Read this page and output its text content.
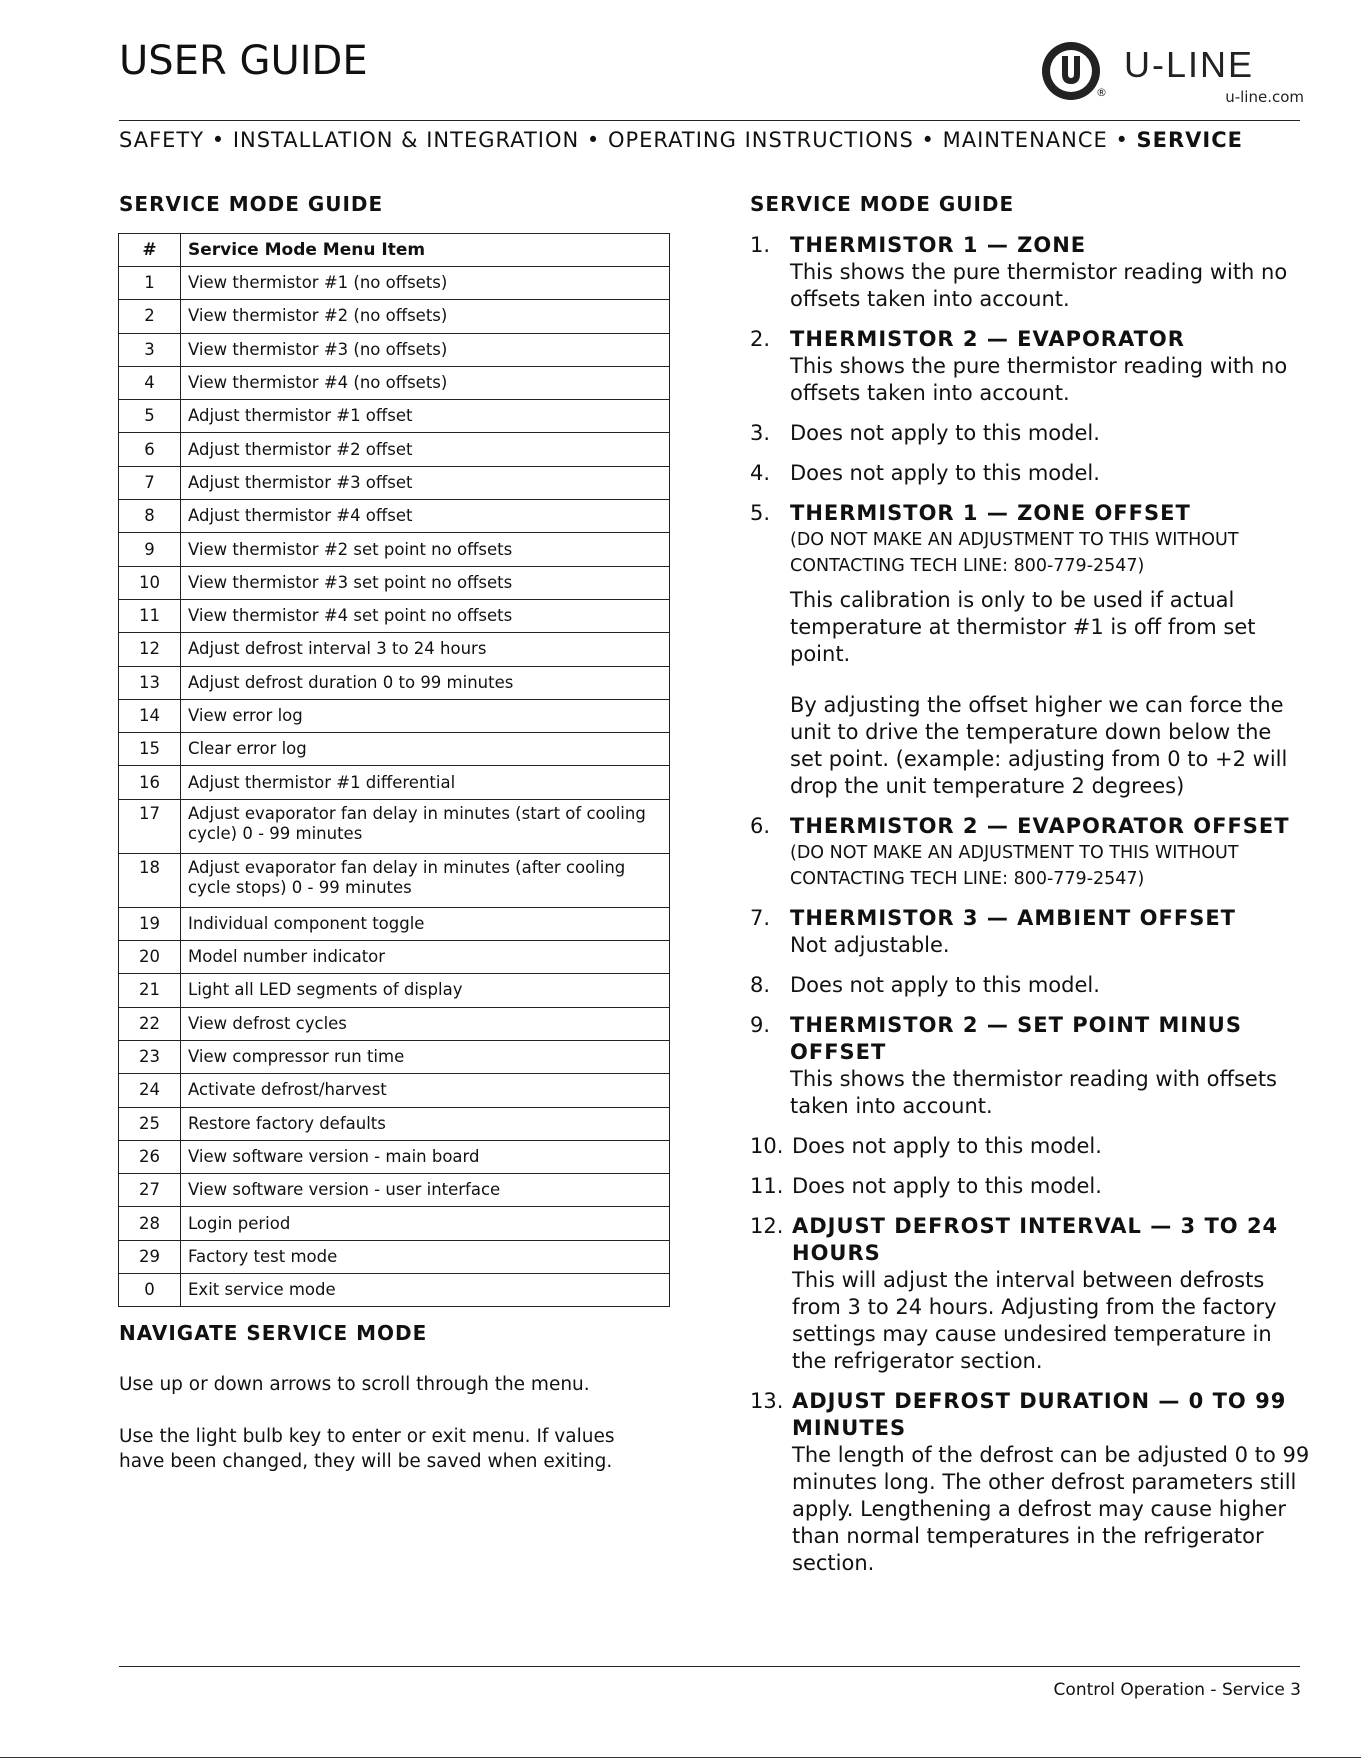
USER GUIDE
®
U-LINE
u-line.com
SAFETY • INSTALLATION & INTEGRATION • OPERATING INSTRUCTIONS • MAINTENANCE • SERVICE
SERVICE MODE GUIDE
#	Service Mode Menu Item
1	View thermistor #1 (no offsets)
2	View thermistor #2 (no offsets)
3	View thermistor #3 (no offsets)
4	View thermistor #4 (no offsets)
5	Adjust thermistor #1 offset
6	Adjust thermistor #2 offset
7	Adjust thermistor #3 offset
8	Adjust thermistor #4 offset
9	View thermistor #2 set point no offsets
10	View thermistor #3 set point no offsets
11	View thermistor #4 set point no offsets
12	Adjust defrost interval 3 to 24 hours
13	Adjust defrost duration 0 to 99 minutes
14	View error log
15	Clear error log
16	Adjust thermistor #1 differential
17	Adjust evaporator fan delay in minutes (start of cooling cycle) 0 - 99 minutes
18	Adjust evaporator fan delay in minutes (after cooling cycle stops) 0 - 99 minutes
19	Individual component toggle
20	Model number indicator
21	Light all LED segments of display
22	View defrost cycles
23	View compressor run time
24	Activate defrost/harvest
25	Restore factory defaults
26	View software version - main board
27	View software version - user interface
28	Login period
29	Factory test mode
0	Exit service mode
NAVIGATE SERVICE MODE
Use up or down arrows to scroll through the menu.
Use the light bulb key to enter or exit menu. If values have been changed, they will be saved when exiting.
SERVICE MODE GUIDE
1. THERMISTOR 1 — ZONE
This shows the pure thermistor reading with no offsets taken into account.
2. THERMISTOR 2 — EVAPORATOR
This shows the pure thermistor reading with no offsets taken into account.
3. Does not apply to this model.
4. Does not apply to this model.
5. THERMISTOR 1 — ZONE OFFSET
(DO NOT MAKE AN ADJUSTMENT TO THIS WITHOUT CONTACTING TECH LINE: 800-779-2547)
This calibration is only to be used if actual temperature at thermistor #1 is off from set point.
By adjusting the offset higher we can force the unit to drive the temperature down below the set point. (example: adjusting from 0 to +2 will drop the unit temperature 2 degrees)
6. THERMISTOR 2 — EVAPORATOR OFFSET
(DO NOT MAKE AN ADJUSTMENT TO THIS WITHOUT CONTACTING TECH LINE: 800-779-2547)
7. THERMISTOR 3 — AMBIENT OFFSET
Not adjustable.
8. Does not apply to this model.
9. THERMISTOR 2 — SET POINT MINUS OFFSET
This shows the thermistor reading with offsets taken into account.
10. Does not apply to this model.
11. Does not apply to this model.
12. ADJUST DEFROST INTERVAL — 3 TO 24 HOURS
This will adjust the interval between defrosts from 3 to 24 hours. Adjusting from the factory settings may cause undesired temperature in the refrigerator section.
13. ADJUST DEFROST DURATION — 0 TO 99 MINUTES
The length of the defrost can be adjusted 0 to 99 minutes long. The other defrost parameters still apply. Lengthening a defrost may cause higher than normal temperatures in the refrigerator section.
Control Operation - Service 3
